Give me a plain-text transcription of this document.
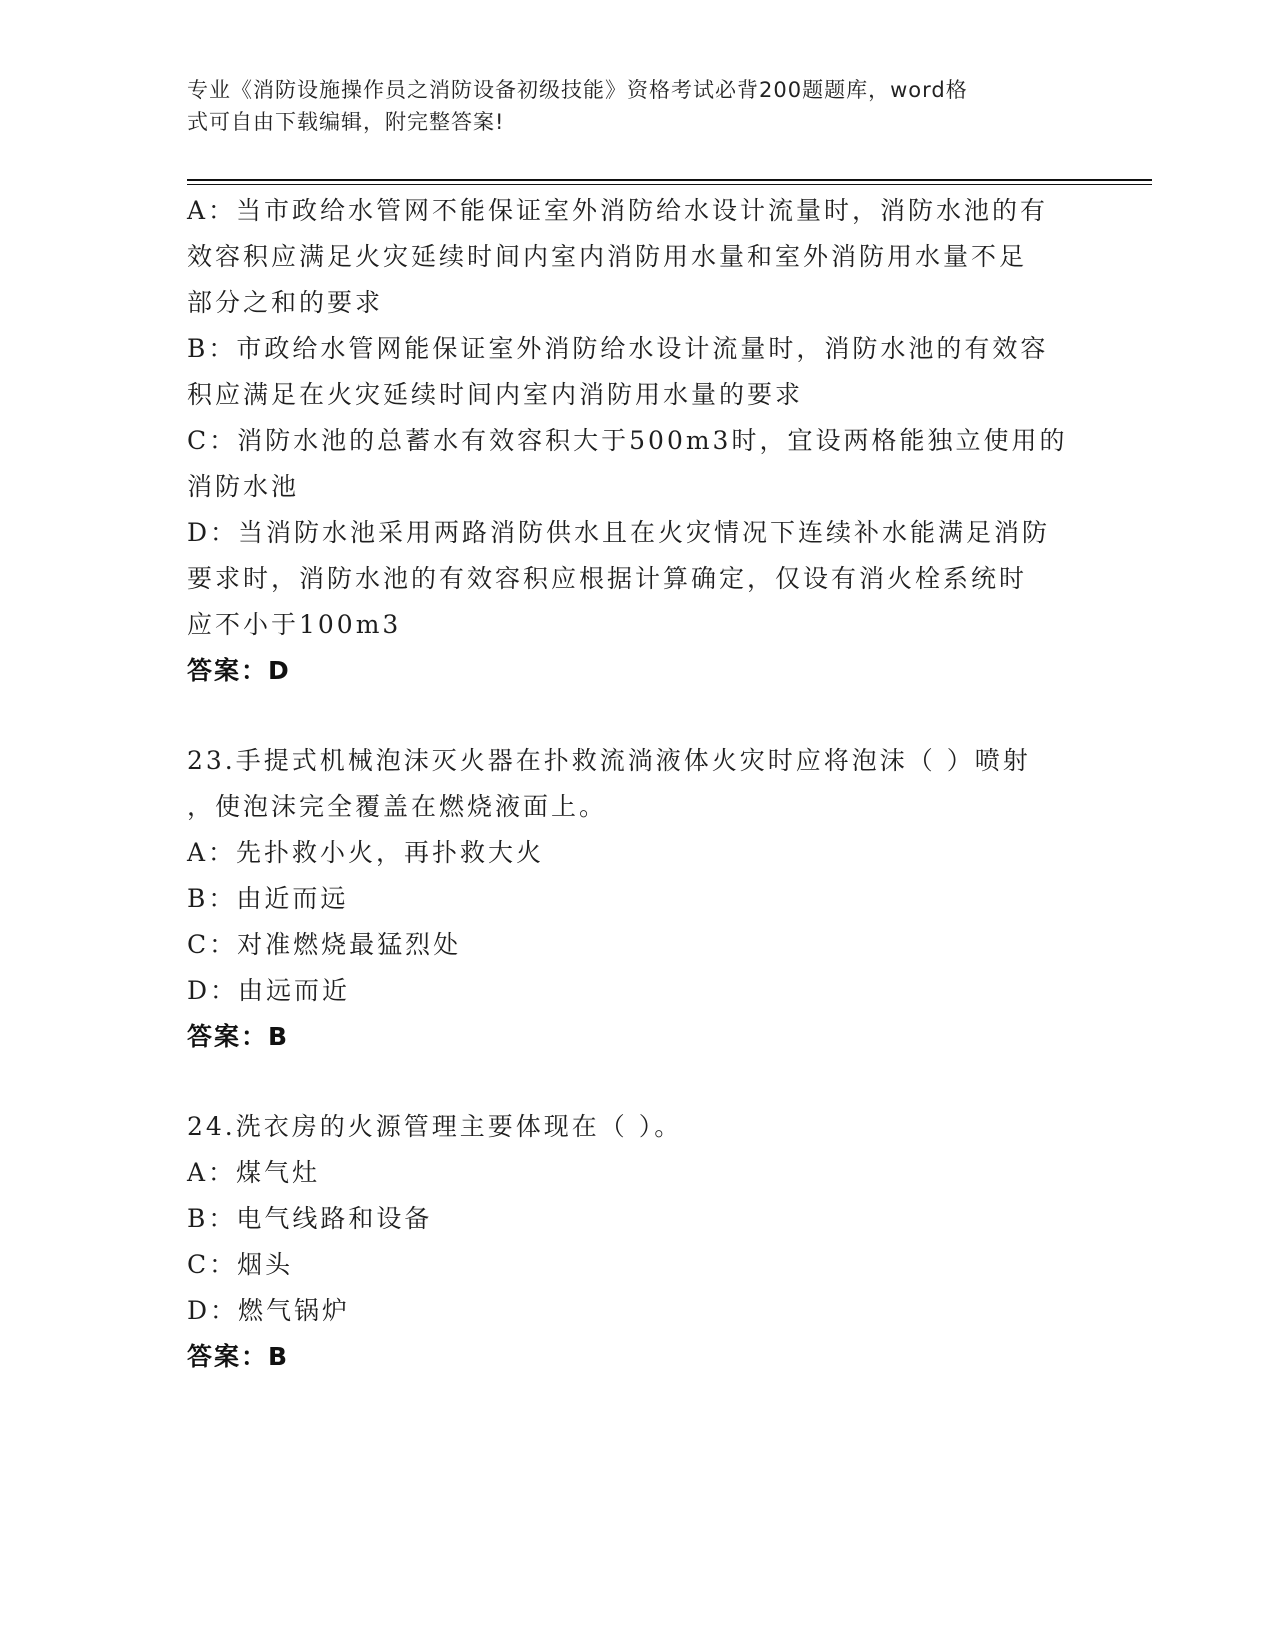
专业《消防设施操作员之消防设备初级技能》资格考试必背200题题库，word格
式可自由下载编辑，附完整答案!
A：当市政给水管网不能保证室外消防给水设计流量时，消防水池的有
效容积应满足火灾延续时间内室内消防用水量和室外消防用水量不足
部分之和的要求
B：市政给水管网能保证室外消防给水设计流量时，消防水池的有效容
积应满足在火灾延续时间内室内消防用水量的要求
C：消防水池的总蓄水有效容积大于500m3时，宜设两格能独立使用的
消防水池
D：当消防水池采用两路消防供水且在火灾情况下连续补水能满足消防
要求时，消防水池的有效容积应根据计算确定，仅设有消火栓系统时
应不小于100m3
答案：D
23.手提式机械泡沫灭火器在扑救流淌液体火灾时应将泡沫（ ）喷射
，使泡沫完全覆盖在燃烧液面上。
A：先扑救小火，再扑救大火
B：由近而远
C：对准燃烧最猛烈处
D：由远而近
答案：B
24.洗衣房的火源管理主要体现在（ ）。
A：煤气灶
B：电气线路和设备
C：烟头
D：燃气锅炉
答案：B
